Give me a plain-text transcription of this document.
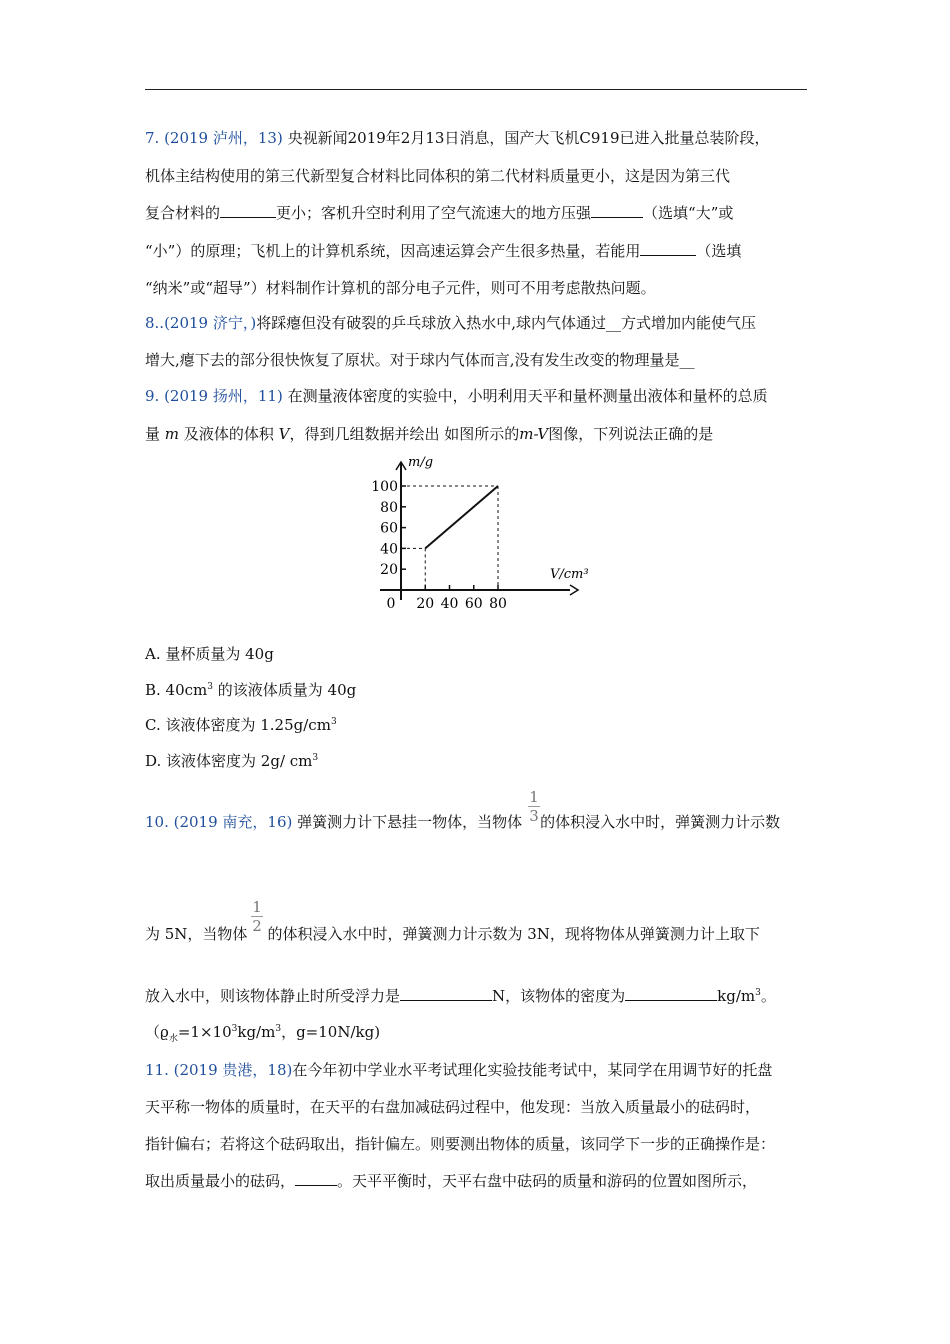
7. (2019 泸州，13) 央视新闻2019年2月13日消息，国产大飞机C919已进入批量总装阶段，
机体主结构使用的第三代新型复合材料比同体积的第二代材料质量更小，这是因为第三代
复合材料的	更小；客机升空时利用了空气流速大的地方压强	（选填“大”或
“小”）的原理；飞机上的计算机系统，因高速运算会产生很多热量，若能用	（选填
“纳米”或“超导”）材料制作计算机的部分电子元件，则可不用考虑散热问题。
8..(2019 济宁，)将踩瘪但没有破裂的乒乓球放入热水中,球内气体通过__方式增加内能使气压
增大,瘪下去的部分很快恢复了原状。对于球内气体而言,没有发生改变的物理量是__
9. (2019 扬州，11) 在测量液体密度的实验中，小明利用天平和量杯测量出液体和量杯的总质
量 m 及液体的体积 V，得到几组数据并绘出 如图所示的m-V图像，下列说法正确的是
20
40
60
80
100
0 20 40 60 80
m/g
V/cm³
A. 量杯质量为 40g
B. $40cm^3$ 的该液体质量为 40g
C. 该液体密度为 $1.25g/cm^3$
D. 该液体密度为 2g/ $cm^3$
1
3
10. (2019 南充，16) 弹簧测力计下悬挂一物体，当物体 的体积浸入水中时，弹簧测力计示数
1
2
为 5N，当物体 的体积浸入水中时，弹簧测力计示数为 3N，现将物体从弹簧测力计上取下
放入水中，则该物体静止时所受浮力是	N，该物体的密度为	$kg/m^3$。
（$ϱ_水=1\times 10^3kg/m^3$，g=10N/kg)
11. (2019 贵港，18)在今年初中学业水平考试理化实验技能考试中，某同学在用调节好的托盘
天平称一物体的质量时，在天平的右盘加减砝码过程中，他发现：当放入质量最小的砝码时，
指针偏右；若将这个砝码取出，指针偏左。则要测出物体的质量，该同学下一步的正确操作是：
取出质量最小的砝码，	。天平平衡时，天平右盘中砝码的质量和游码的位置如图所示，
